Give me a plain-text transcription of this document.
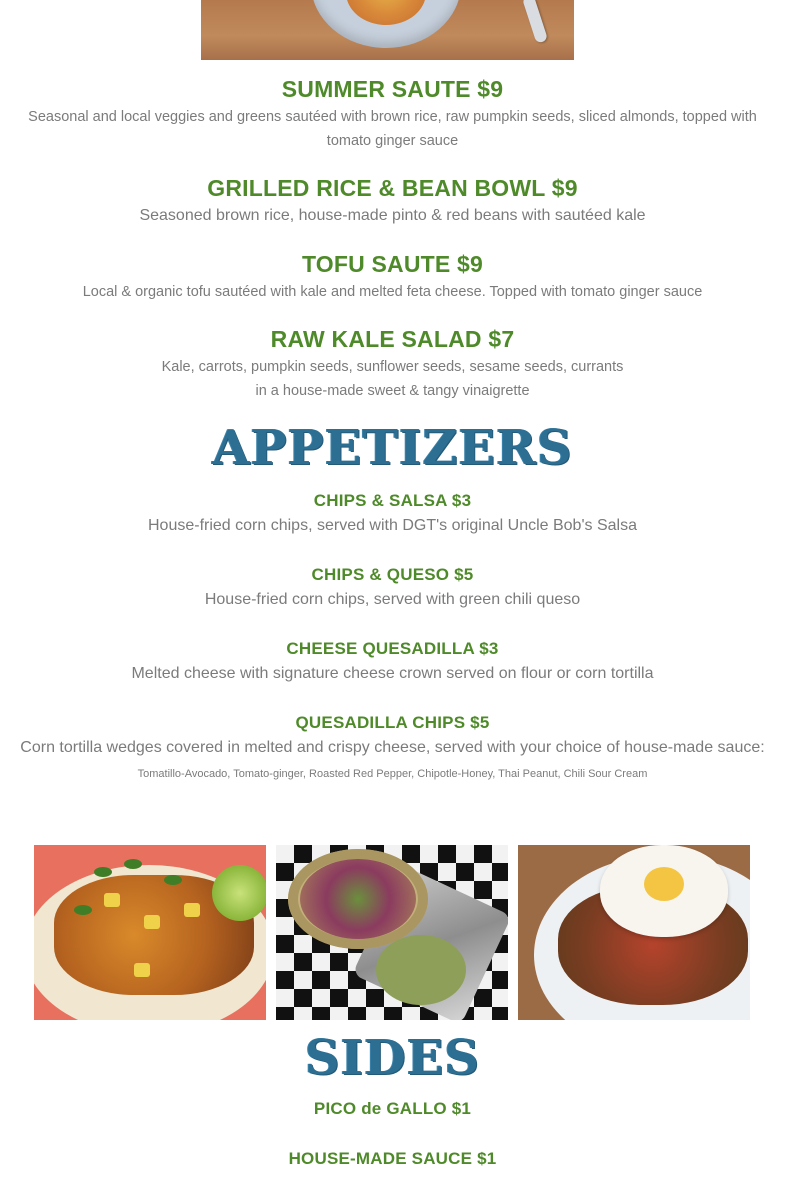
SUMMER SAUTE $9
Seasonal and local veggies and greens sautéed with brown rice, raw pumpkin seeds, sliced almonds, topped with tomato ginger sauce
GRILLED RICE & BEAN BOWL $9
Seasoned brown rice, house-made pinto & red beans with sautéed kale
TOFU SAUTE $9
Local & organic tofu sautéed with kale and melted feta cheese. Topped with tomato ginger sauce
RAW KALE SALAD $7
Kale, carrots, pumpkin seeds, sunflower seeds, sesame seeds, currants
in a house-made sweet & tangy vinaigrette
APPETIZERS
CHIPS & SALSA $3
House-fried corn chips, served with DGT's original Uncle Bob's Salsa
CHIPS & QUESO $5
House-fried corn chips, served with green chili queso
CHEESE QUESADILLA $3
Melted cheese with signature cheese crown served on flour or corn tortilla
QUESADILLA CHIPS $5
Corn tortilla wedges covered in melted and crispy cheese, served with your choice of house-made sauce:
Tomatillo-Avocado, Tomato-ginger, Roasted Red Pepper, Chipotle-Honey, Thai Peanut, Chili Sour Cream
SIDES
PICO de GALLO $1
HOUSE-MADE SAUCE $1
